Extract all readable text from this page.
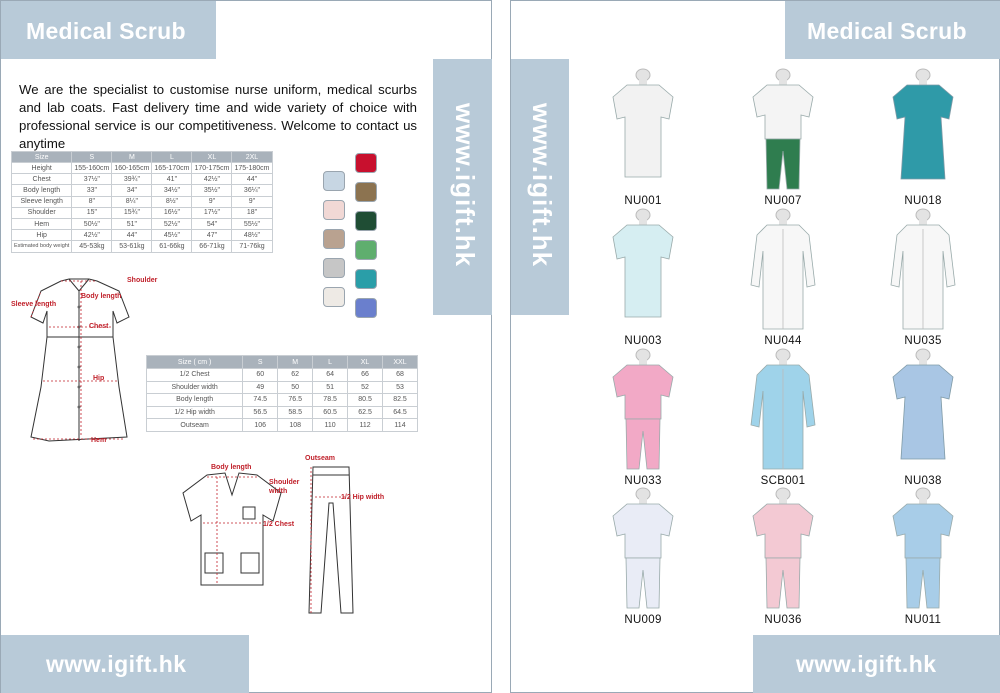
Medical Scrub
www.igift.hk

We are the specialist to customise nurse uniform, medical scurbs and lab coats. Fast delivery time and wide variety of choice with professional service is our competitiveness. Welcome to contact us anytime

Size	S	M	L	XL	2XL
Height	155-160cm	160-165cm	165-170cm	170-175cm	175-180cm
Chest	37½"	39¾"	41"	42½"	44"
Body length	33"	34"	34½"	35½"	36¼"
Sleeve length	8"	8¼"	8½"	9"	9"
Shoulder	15"	15¾"	16½"	17½"	18"
Hem	50½"	51"	52½"	54"	55½"
Hip	42½"	44"	45½"	47"	48½"
Estimated body weight	45-53kg	53-61kg	61-66kg	66-71kg	71-76kg
Shoulder
Sleeve length
Body length
Chest
Hip
Hem
Size ( cm )	S	M	L	XL	XXL
1/2 Chest	60	62	64	66	68
Shoulder width	49	50	51	52	53
Body length	74.5	76.5	78.5	80.5	82.5
1/2 Hip width	56.5	58.5	60.5	62.5	64.5
Outseam	106	108	110	112	114
Body length
Shoulder width
1/2 Chest
Outseam
1/2 Hip width
www.igift.hk
Medical Scrub
www.igift.hk	NU001	NU007	NU018
NU003	NU044	NU035
NU033	SCB001	NU038
NU009	NU036	NU011
www.igift.hk
